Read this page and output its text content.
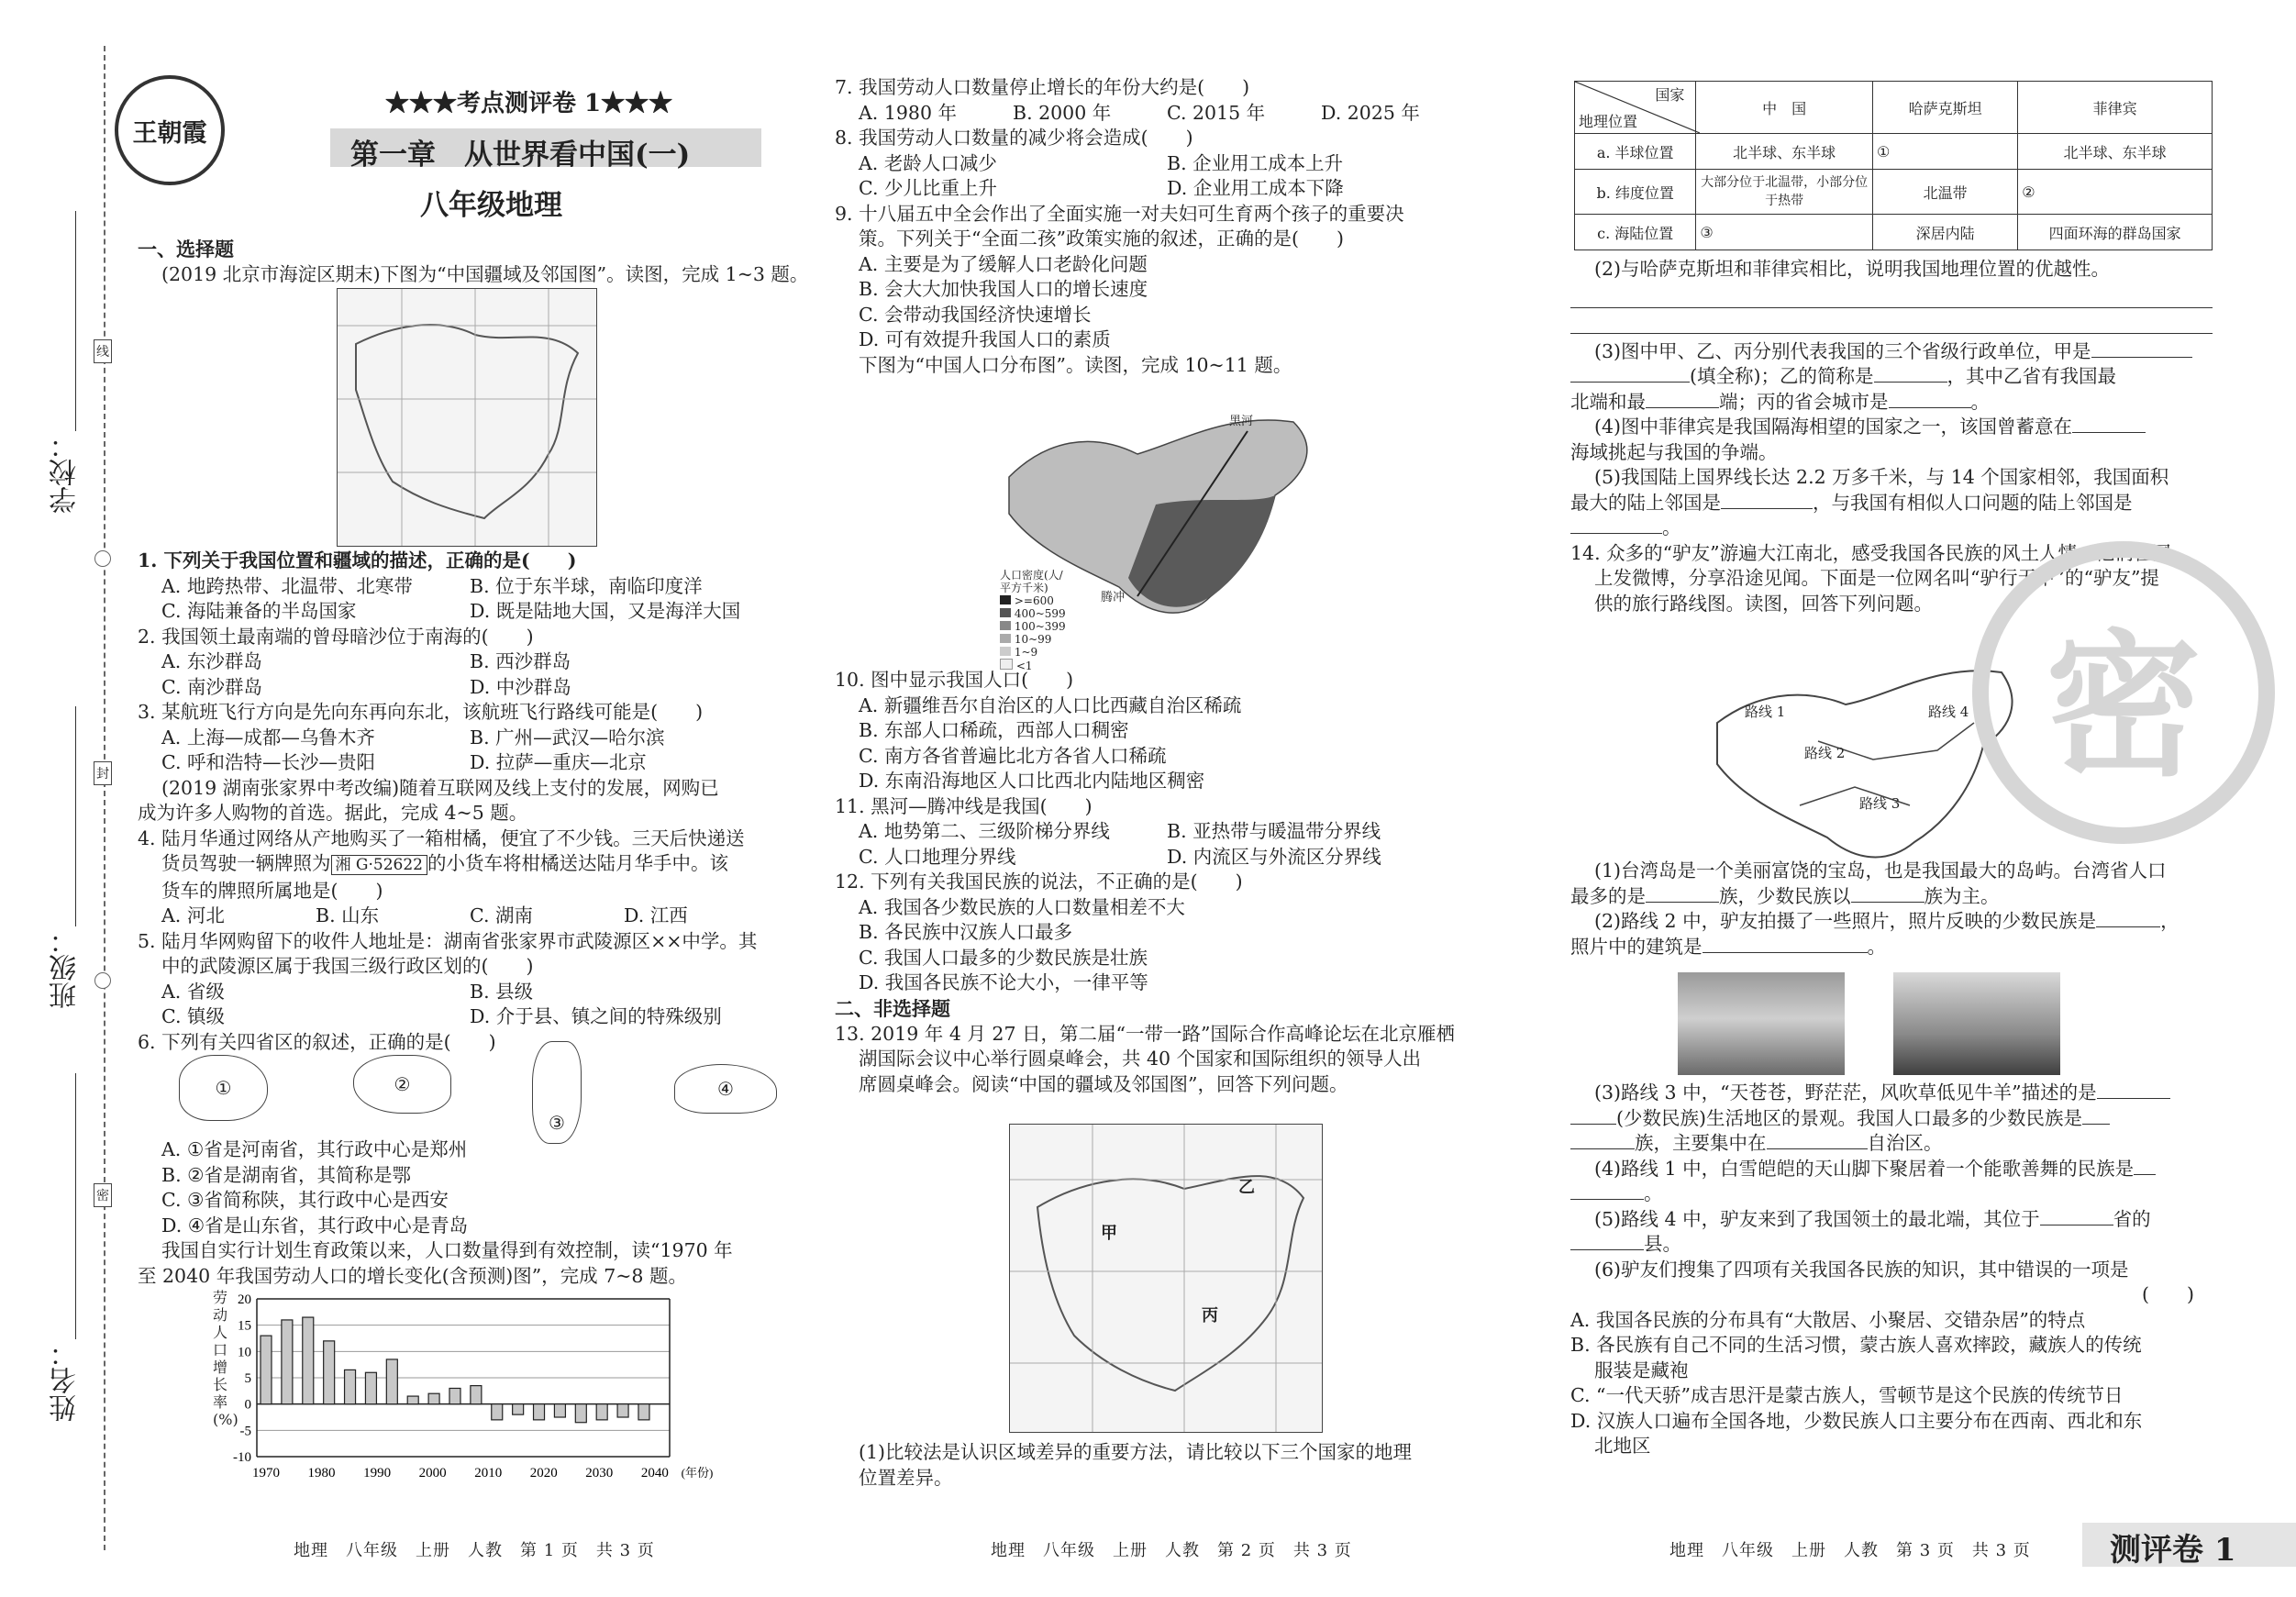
学校：
班级：
姓名：
线
封
密
王朝霞
★★★考点测评卷 1★★★
第一章　从世界看中国(一)
八年级地理
一、选择题
(2019 北京市海淀区期末)下图为“中国疆域及邻国图”。读图，完成 1~3 题。
1. 下列关于我国位置和疆域的描述，正确的是(　　)
A. 地跨热带、北温带、北寒带	B. 位于东半球，南临印度洋
C. 海陆兼备的半岛国家	D. 既是陆地大国，又是海洋大国
2. 我国领土最南端的曾母暗沙位于南海的(　　)
A. 东沙群岛	B. 西沙群岛
C. 南沙群岛	D. 中沙群岛
3. 某航班飞行方向是先向东再向东北，该航班飞行路线可能是(　　)
A. 上海—成都—乌鲁木齐	B. 广州—武汉—哈尔滨
C. 呼和浩特—长沙—贵阳	D. 拉萨—重庆—北京
(2019 湖南张家界中考改编)随着互联网及线上支付的发展，网购已
成为许多人购物的首选。据此，完成 4~5 题。
4. 陆月华通过网络从产地购买了一箱柑橘，便宜了不少钱。三天后快递送
货员驾驶一辆牌照为 湘 G·52622 的小货车将柑橘送达陆月华手中。该
货车的牌照所属地是(　　)
A. 河北	B. 山东	C. 湖南	D. 江西
5. 陆月华网购留下的收件人地址是：湖南省张家界市武陵源区××中学。其
中的武陵源区属于我国三级行政区划的(　　)
A. 省级	B. 县级
C. 镇级	D. 介于县、镇之间的特殊级别
6. 下列有关四省区的叙述，正确的是(　　)
①	②
③
④
A. ①省是河南省，其行政中心是郑州
B. ②省是湖南省，其简称是鄂
C. ③省简称陕，其行政中心是西安
D. ④省是山东省，其行政中心是青岛
我国自实行计划生育政策以来，人口数量得到有效控制，读“1970 年
至 2040 年我国劳动人口的增长变化(含预测)图”，完成 7~8 题。
-10
-5
0
5
10
15
20
1970 1980 1990 2000 2010 2020 2030 2040 (年份)
劳动人口增长率(%)
7. 我国劳动人口数量停止增长的年份大约是(　　)
A. 1980 年	B. 2000 年	C. 2015 年	D. 2025 年
8. 我国劳动人口数量的减少将会造成(　　)
A. 老龄人口减少	B. 企业用工成本上升
C. 少儿比重上升	D. 企业用工成本下降
9. 十八届五中全会作出了全面实施一对夫妇可生育两个孩子的重要决
策。下列关于“全面二孩”政策实施的叙述，正确的是(　　)
A. 主要是为了缓解人口老龄化问题
B. 会大大加快我国人口的增长速度
C. 会带动我国经济快速增长
D. 可有效提升我国人口的素质
下图为“中国人口分布图”。读图，完成 10~11 题。
黑河
腾冲
人口密度(人/平方千米)
>=600
400~599
100~399
10~99
1~9
<1
10. 图中显示我国人口(　　)
A. 新疆维吾尔自治区的人口比西藏自治区稀疏
B. 东部人口稀疏，西部人口稠密
C. 南方各省普遍比北方各省人口稀疏
D. 东南沿海地区人口比西北内陆地区稠密
11. 黑河—腾冲线是我国(　　)
A. 地势第二、三级阶梯分界线	B. 亚热带与暖温带分界线
C. 人口地理分界线	D. 内流区与外流区分界线
12. 下列有关我国民族的说法，不正确的是(　　)
A. 我国各少数民族的人口数量相差不大
B. 各民族中汉族人口最多
C. 我国人口最多的少数民族是壮族
D. 我国各民族不论大小，一律平等
二、非选择题
13. 2019 年 4 月 27 日，第二届“一带一路”国际合作高峰论坛在北京雁栖
湖国际会议中心举行圆桌峰会，共 40 个国家和国际组织的领导人出
席圆桌峰会。阅读“中国的疆域及邻国图”，回答下列问题。
甲
乙
丙
(1)比较法是认识区域差异的重要方法，请比较以下三个国家的地理
位置差异。
国家
地理位置	中　国	哈萨克斯坦	菲律宾
a. 半球位置	北半球、东半球	①	北半球、东半球
b. 纬度位置	大部分位于北温带，小部分位于热带	北温带	②
c. 海陆位置	③	深居内陆	四面环海的群岛国家
(2)与哈萨克斯坦和菲律宾相比，说明我国地理位置的优越性。
(3)图中甲、乙、丙分别代表我国的三个省级行政单位，甲是
(填全称)；乙的简称是	，其中乙省有我国最
北端和最	端；丙的省会城市是	。
(4)图中菲律宾是我国隔海相望的国家之一，该国曾蓄意在
海域挑起与我国的争端。
(5)我国陆上国界线长达 2.2 万多千米，与 14 个国家相邻，我国面积
最大的陆上邻国是	，与我国有相似人口问题的陆上邻国是
。
14. 众多的“驴友”游遍大江南北，感受我国各民族的风土人情。他们在网
上发微博，分享沿途见闻。下面是一位网名叫“驴行天下”的“驴友”提
供的旅行路线图。读图，回答下列问题。
路线 1
路线 2
路线 3
路线 4
(1)台湾岛是一个美丽富饶的宝岛，也是我国最大的岛屿。台湾省人口
最多的是	族，少数民族以	族为主。
(2)路线 2 中，驴友拍摄了一些照片，照片反映的少数民族是	，
照片中的建筑是	。
(3)路线 3 中，“天苍苍，野茫茫，风吹草低见牛羊”描述的是
(少数民族)生活地区的景观。我国人口最多的少数民族是
族，主要集中在	自治区。
(4)路线 1 中，白雪皑皑的天山脚下聚居着一个能歌善舞的民族是
。
(5)路线 4 中，驴友来到了我国领土的最北端，其位于	省的
县。
(6)驴友们搜集了四项有关我国各民族的知识，其中错误的一项是
(　　)
A. 我国各民族的分布具有“大散居、小聚居、交错杂居”的特点
B. 各民族有自己不同的生活习惯，蒙古族人喜欢摔跤，藏族人的传统
服装是藏袍
C. “一代天骄”成吉思汗是蒙古族人，雪顿节是这个民族的传统节日
D. 汉族人口遍布全国各地，少数民族人口主要分布在西南、西北和东
北地区
密
地理　八年级　上册　人教　第 1 页　共 3 页	地理　八年级　上册　人教　第 2 页　共 3 页	地理　八年级　上册　人教　第 3 页　共 3 页	测评卷 1
